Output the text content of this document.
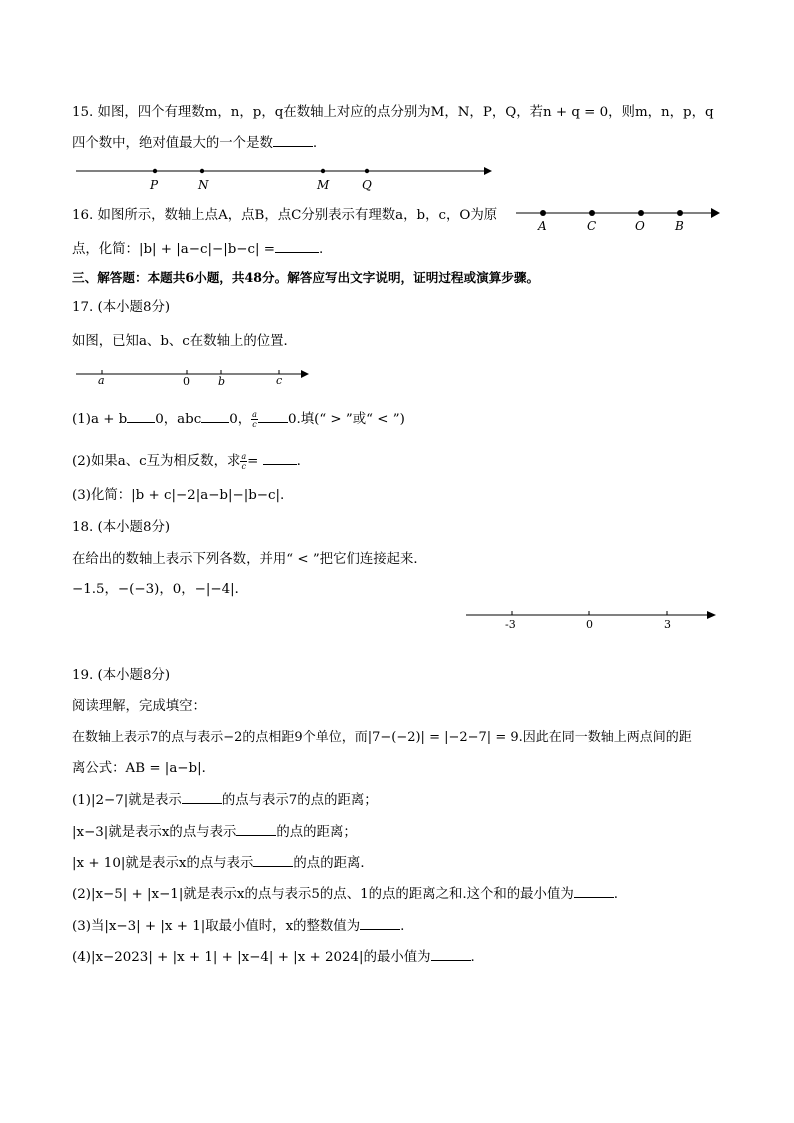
15. 如图，四个有理数m，n，p，q在数轴上对应的点分别为M，N，P，Q，若n + q = 0，则m，n，p，q
四个数中，绝对值最大的一个是数	.
P	N	M	Q
16. 如图所示，数轴上点A，点B，点C分别表示有理数a，b，c，O为原
点，化简：|b| + |a−c|−|b−c| =	.
A	C	O	B
三、解答题：本题共6小题，共48分。解答应写出文字说明，证明过程或演算步骤。
17. (本小题8分)
如图，已知a、b、c在数轴上的位置．
a	0	b	c
(1)a + b 0，abc 0， $\frac{a}{c} 0$.填(“ > ”或“ < ”)
(2)如果a、c互为相反数，求 $\frac{a}{c}$ =	.
(3)化简：|b + c|−2|a−b|−|b−c|.
18. (本小题8分)
在给出的数轴上表示下列各数，并用“ < ”把它们连接起来．
−1.5，−(−3)，0，−|−4|．
-3	0	3
19. (本小题8分)
阅读理解，完成填空：
在数轴上表示7的点与表示−2的点相距9个单位，而|7−(−2)| = |−2−7| = 9.因此在同一数轴上两点间的距
离公式：AB = |a−b|．
(1)|2−7|就是表示	的点与表示7的点的距离；
|x−3|就是表示x的点与表示	的点的距离；
|x + 10|就是表示x的点与表示	的点的距离．
(2)|x−5| + |x−1|就是表示x的点与表示5的点、1的点的距离之和.这个和的最小值为	.
(3)当|x−3| + |x + 1|取最小值时，x的整数值为	.
(4)|x−2023| + |x + 1| + |x−4| + |x + 2024|的最小值为	.
